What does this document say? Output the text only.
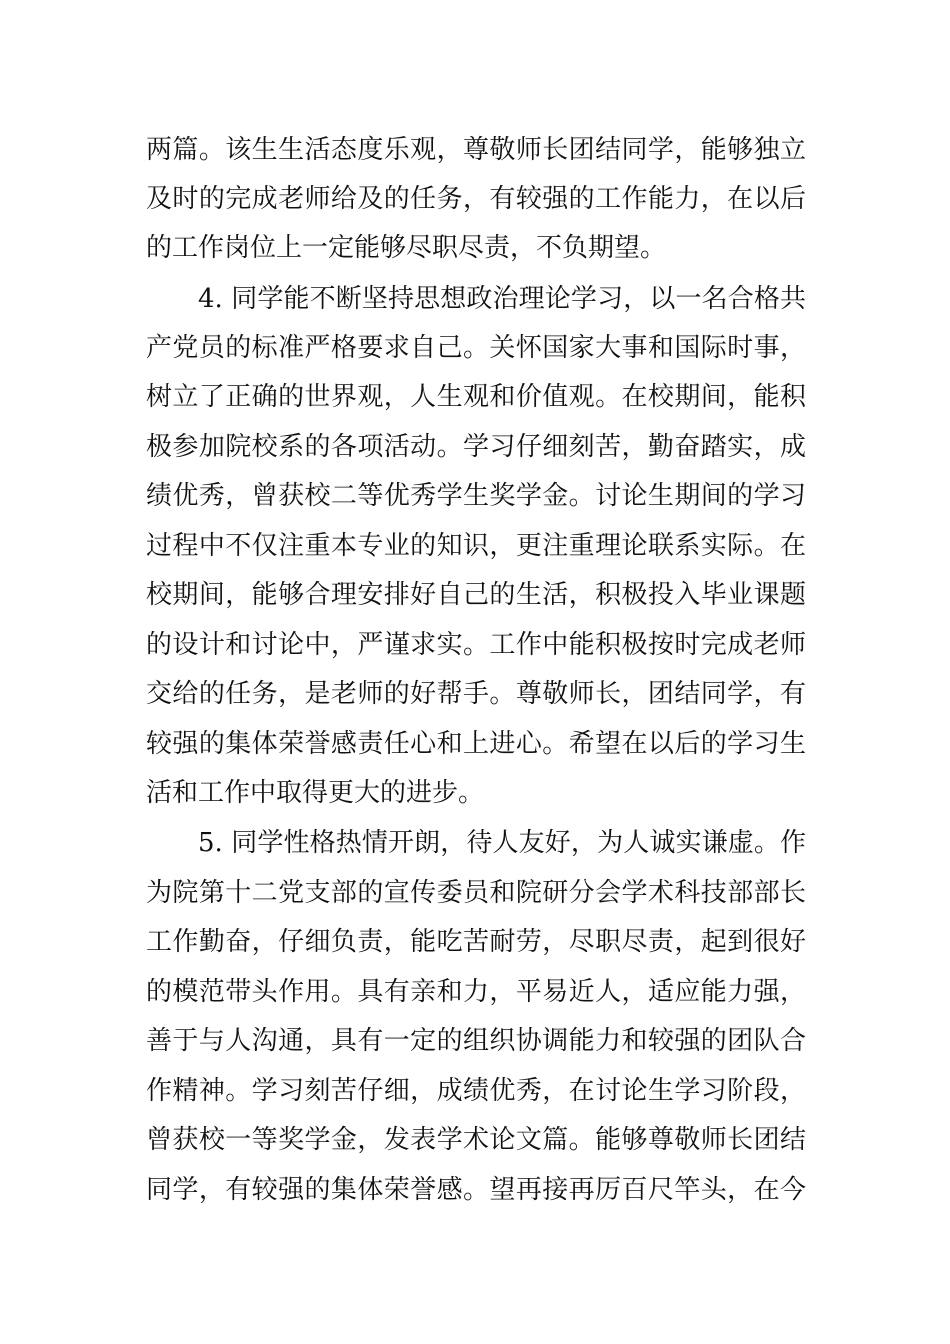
两篇。该生生活态度乐观，尊敬师长团结同学，能够独立
及时的完成老师给及的任务，有较强的工作能力，在以后
的工作岗位上一定能够尽职尽责，不负期望。
4. 同学能不断坚持思想政治理论学习，以一名合格共
产党员的标准严格要求自己。关怀国家大事和国际时事，
树立了正确的世界观，人生观和价值观。在校期间，能积
极参加院校系的各项活动。学习仔细刻苦，勤奋踏实，成
绩优秀，曾获校二等优秀学生奖学金。讨论生期间的学习
过程中不仅注重本专业的知识，更注重理论联系实际。在
校期间，能够合理安排好自己的生活，积极投入毕业课题
的设计和讨论中，严谨求实。工作中能积极按时完成老师
交给的任务，是老师的好帮手。尊敬师长，团结同学，有
较强的集体荣誉感责任心和上进心。希望在以后的学习生
活和工作中取得更大的进步。
5. 同学性格热情开朗，待人友好，为人诚实谦虚。作
为院第十二党支部的宣传委员和院研分会学术科技部部长
工作勤奋，仔细负责，能吃苦耐劳，尽职尽责，起到很好
的模范带头作用。具有亲和力，平易近人，适应能力强，
善于与人沟通，具有一定的组织协调能力和较强的团队合
作精神。学习刻苦仔细，成绩优秀，在讨论生学习阶段，
曾获校一等奖学金，发表学术论文篇。能够尊敬师长团结
同学，有较强的集体荣誉感。望再接再厉百尺竿头，在今
